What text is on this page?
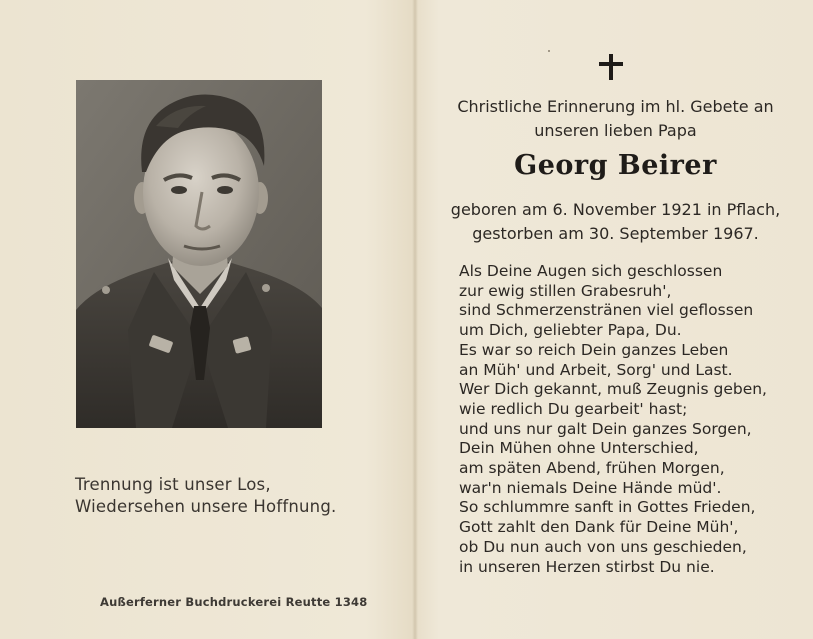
Trennung ist unser Los,
Wiedersehen unsere Hoffnung.
Außerferner Buchdruckerei Reutte 1348
Christliche Erinnerung im hl. Gebete an
unseren lieben Papa
Georg Beirer
geboren am 6. November 1921 in Pflach,
gestorben am 30. September 1967.
Als Deine Augen sich geschlossen
zur ewig stillen Grabesruh',
sind Schmerzenstränen viel geflossen
um Dich, geliebter Papa, Du.
Es war so reich Dein ganzes Leben
an Müh' und Arbeit, Sorg' und Last.
Wer Dich gekannt, muß Zeugnis geben,
wie redlich Du gearbeit' hast;
und uns nur galt Dein ganzes Sorgen,
Dein Mühen ohne Unterschied,
am späten Abend, frühen Morgen,
war'n niemals Deine Hände müd'.
So schlummre sanft in Gottes Frieden,
Gott zahlt den Dank für Deine Müh',
ob Du nun auch von uns geschieden,
in unseren Herzen stirbst Du nie.
